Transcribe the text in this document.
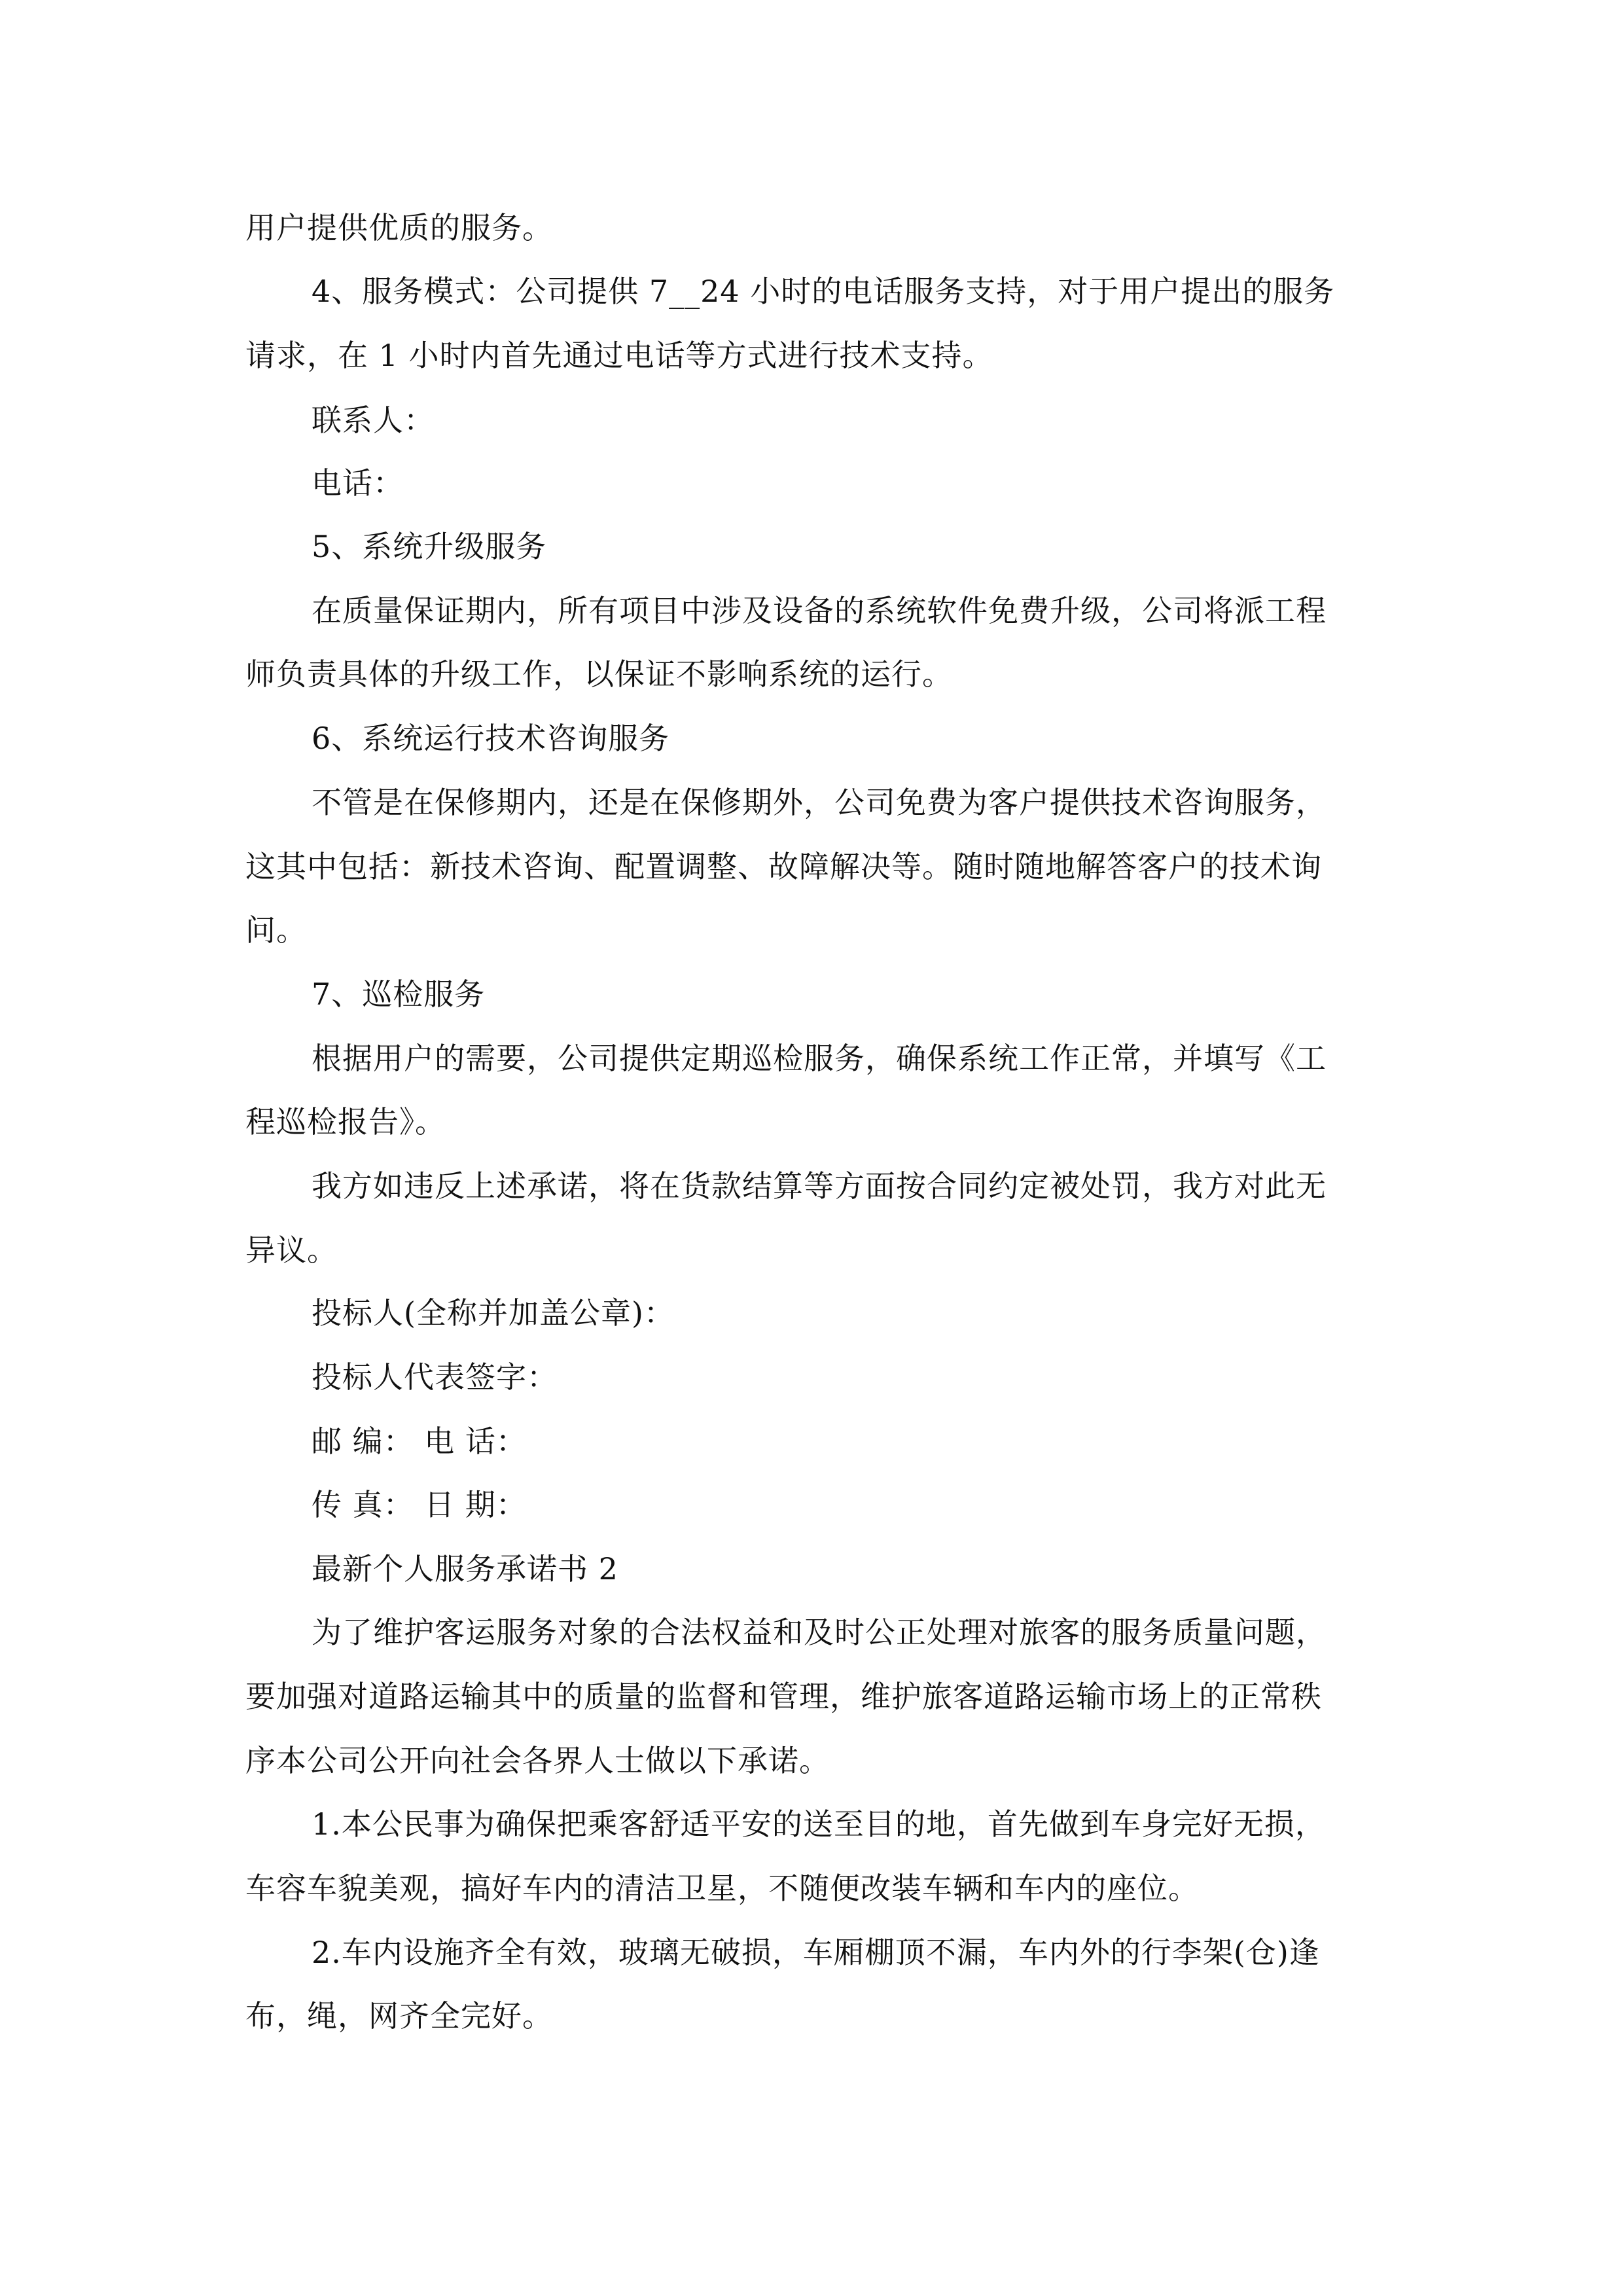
用户提供优质的服务。
4、服务模式：公司提供 7__24 小时的电话服务支持，对于用户提出的服务
请求，在 1 小时内首先通过电话等方式进行技术支持。
联系人：
电话：
5、系统升级服务
在质量保证期内，所有项目中涉及设备的系统软件免费升级，公司将派工程
师负责具体的升级工作，以保证不影响系统的运行。
6、系统运行技术咨询服务
不管是在保修期内，还是在保修期外，公司免费为客户提供技术咨询服务，
这其中包括：新技术咨询、配置调整、故障解决等。随时随地解答客户的技术询
问。
7、巡检服务
根据用户的需要，公司提供定期巡检服务，确保系统工作正常，并填写《工
程巡检报告》。
我方如违反上述承诺，将在货款结算等方面按合同约定被处罚，我方对此无
异议。
投标人(全称并加盖公章)：
投标人代表签字：
邮 编： 电 话：
传 真： 日 期：
最新个人服务承诺书 2
为了维护客运服务对象的合法权益和及时公正处理对旅客的服务质量问题，
要加强对道路运输其中的质量的监督和管理，维护旅客道路运输市场上的正常秩
序本公司公开向社会各界人士做以下承诺。
1.本公民事为确保把乘客舒适平安的送至目的地，首先做到车身完好无损，
车容车貌美观，搞好车内的清洁卫星，不随便改装车辆和车内的座位。
2.车内设施齐全有效，玻璃无破损，车厢棚顶不漏，车内外的行李架(仓)逢
布，绳，网齐全完好。
